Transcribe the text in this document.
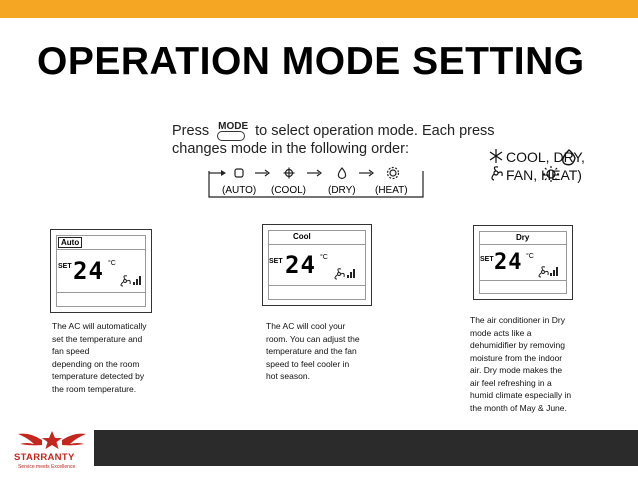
OPERATION MODE SETTING
Press MODE to select operation mode. Each press
changes mode in the following order:	COOL, DRY,
FAN, HEAT)
(AUTO) (COOL) (DRY) (HEAT)
Auto
SET 24 °C
Cool
SET 24 °C
Dry
SET 24 °C
The AC will automatically
set the temperature and
fan speed
depending on the room
temperature detected by
the room temperature.
The AC will cool your
room. You can adjust the
temperature and the fan
speed to feel cooler in
hot season.
The air conditioner in Dry
mode acts like a
dehumidifier by removing
moisture from the indoor
air. Dry mode makes the
air feel refreshing in a
humid climate especially in
the month of May & June.
STARRANTY
Service meets Excellence
